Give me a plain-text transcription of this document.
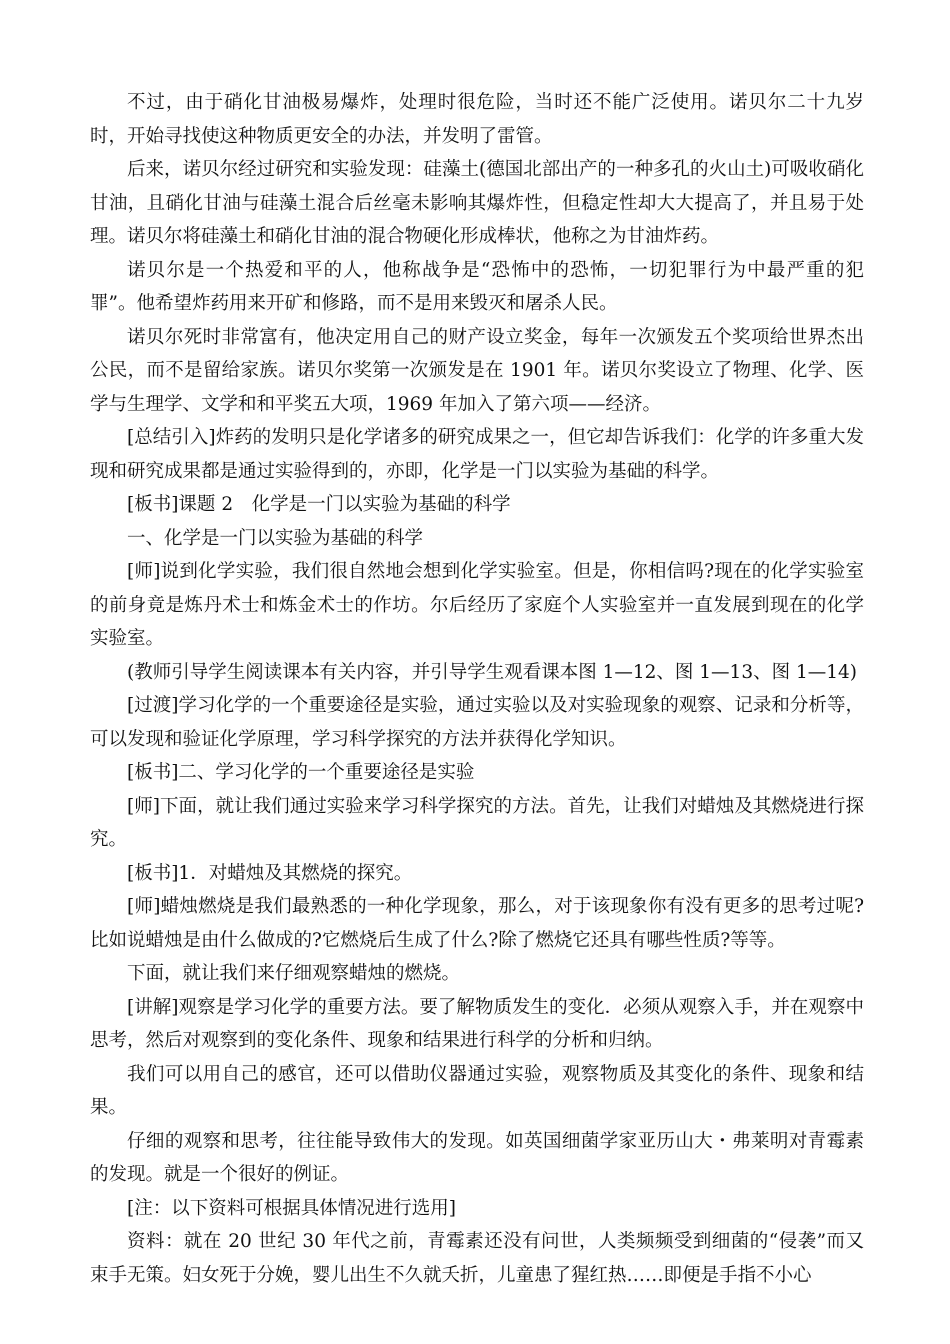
不过，由于硝化甘油极易爆炸，处理时很危险，当时还不能广泛使用。诺贝尔二十九岁时，开始寻找使这种物质更安全的办法，并发明了雷管。

后来，诺贝尔经过研究和实验发现：硅藻土(德国北部出产的一种多孔的火山土)可吸收硝化甘油，且硝化甘油与硅藻土混合后丝毫未影响其爆炸性，但稳定性却大大提高了，并且易于处理。诺贝尔将硅藻土和硝化甘油的混合物硬化形成棒状，他称之为甘油炸药。

诺贝尔是一个热爱和平的人，他称战争是“恐怖中的恐怖，一切犯罪行为中最严重的犯罪”。他希望炸药用来开矿和修路，而不是用来毁灭和屠杀人民。

诺贝尔死时非常富有，他决定用自己的财产设立奖金，每年一次颁发五个奖项给世界杰出公民，而不是留给家族。诺贝尔奖第一次颁发是在 1901 年。诺贝尔奖设立了物理、化学、医学与生理学、文学和和平奖五大项，1969 年加入了第六项——经济。

[总结引入]炸药的发明只是化学诸多的研究成果之一，但它却告诉我们：化学的许多重大发现和研究成果都是通过实验得到的，亦即，化学是一门以实验为基础的科学。

[板书]课题 2　化学是一门以实验为基础的科学

一、化学是一门以实验为基础的科学

[师]说到化学实验，我们很自然地会想到化学实验室。但是，你相信吗?现在的化学实验室的前身竟是炼丹术士和炼金术士的作坊。尔后经历了家庭个人实验室并一直发展到现在的化学实验室。

(教师引导学生阅读课本有关内容，并引导学生观看课本图 1—12、图 1—13、图 1—14)

[过渡]学习化学的一个重要途径是实验，通过实验以及对实验现象的观察、记录和分析等，可以发现和验证化学原理，学习科学探究的方法并获得化学知识。

[板书]二、学习化学的一个重要途径是实验

[师]下面，就让我们通过实验来学习科学探究的方法。首先，让我们对蜡烛及其燃烧进行探究。

[板书]1．对蜡烛及其燃烧的探究。

[师]蜡烛燃烧是我们最熟悉的一种化学现象，那么，对于该现象你有没有更多的思考过呢?比如说蜡烛是由什么做成的?它燃烧后生成了什么?除了燃烧它还具有哪些性质?等等。

下面，就让我们来仔细观察蜡烛的燃烧。

[讲解]观察是学习化学的重要方法。要了解物质发生的变化．必须从观察入手，并在观察中思考，然后对观察到的变化条件、现象和结果进行科学的分析和归纳。

我们可以用自己的感官，还可以借助仪器通过实验，观察物质及其变化的条件、现象和结果。

仔细的观察和思考，往往能导致伟大的发现。如英国细菌学家亚历山大・弗莱明对青霉素的发现。就是一个很好的例证。

[注：以下资料可根据具体情况进行选用]

资料：就在 20 世纪 30 年代之前，青霉素还没有问世，人类频频受到细菌的“侵袭”而又束手无策。妇女死于分娩，婴儿出生不久就夭折，儿童患了猩红热……即便是手指不小心
